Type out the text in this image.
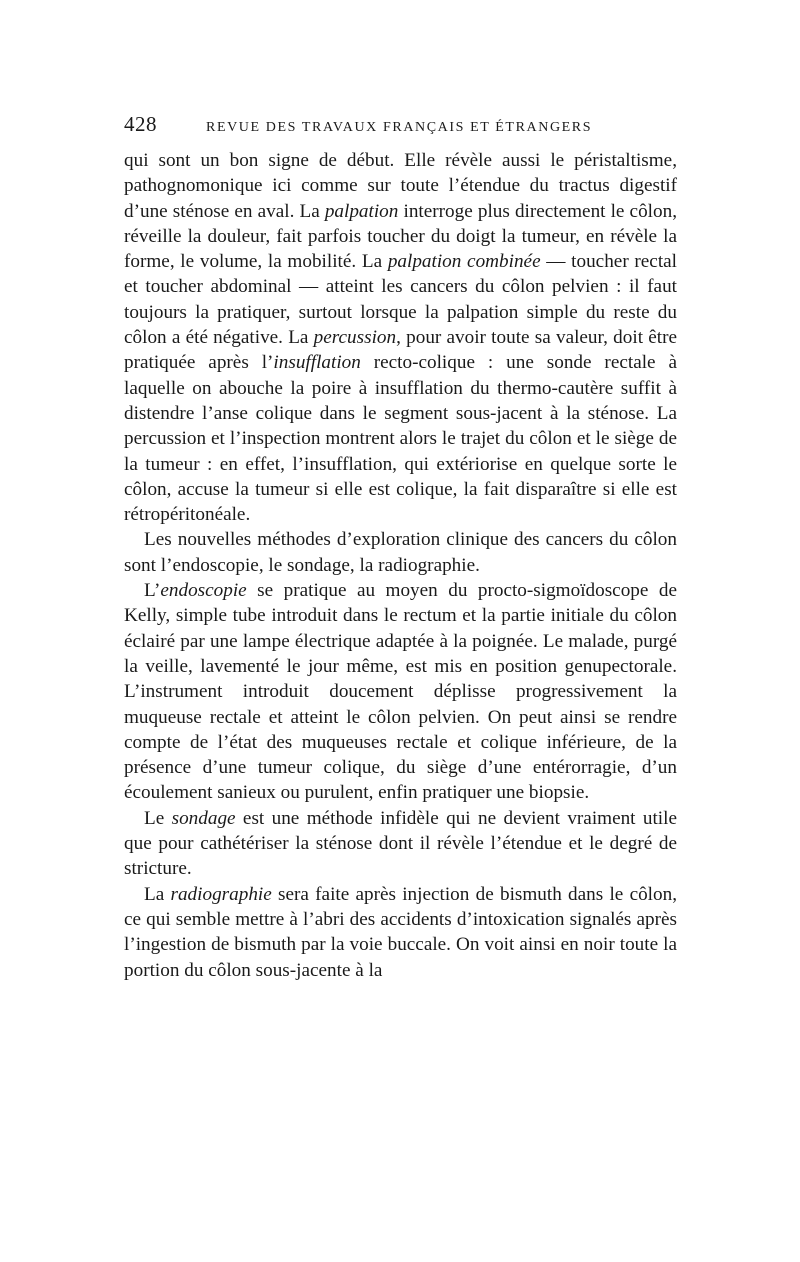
428	REVUE DES TRAVAUX FRANÇAIS ET ÉTRANGERS

qui sont un bon signe de début. Elle révèle aussi le péristaltisme, pathognomonique ici comme sur toute l’étendue du tractus digestif d’une sténose en aval. La palpation interroge plus directement le côlon, réveille la douleur, fait parfois toucher du doigt la tumeur, en révèle la forme, le volume, la mobilité. La palpation combinée — toucher rectal et toucher abdominal — atteint les cancers du côlon pelvien : il faut toujours la pratiquer, surtout lorsque la palpation simple du reste du côlon a été négative. La percussion, pour avoir toute sa valeur, doit être pratiquée après l’insufflation recto-colique : une sonde rectale à laquelle on abouche la poire à insufflation du thermo-cautère suffit à distendre l’anse colique dans le segment sous-jacent à la sténose. La percussion et l’inspection montrent alors le trajet du côlon et le siège de la tumeur : en effet, l’insufflation, qui extériorise en quelque sorte le côlon, accuse la tumeur si elle est colique, la fait disparaître si elle est rétropéritonéale.

Les nouvelles méthodes d’exploration clinique des cancers du côlon sont l’endoscopie, le sondage, la radiographie.

L’endoscopie se pratique au moyen du procto-sigmoïdoscope de Kelly, simple tube introduit dans le rectum et la partie initiale du côlon éclairé par une lampe électrique adaptée à la poignée. Le malade, purgé la veille, lavementé le jour même, est mis en position genupectorale. L’instrument introduit doucement déplisse progressivement la muqueuse rectale et atteint le côlon pelvien. On peut ainsi se rendre compte de l’état des muqueuses rectale et colique inférieure, de la présence d’une tumeur colique, du siège d’une entérorragie, d’un écoulement sanieux ou purulent, enfin pratiquer une biopsie.

Le sondage est une méthode infidèle qui ne devient vraiment utile que pour cathétériser la sténose dont il révèle l’étendue et le degré de stricture.

La radiographie sera faite après injection de bismuth dans le côlon, ce qui semble mettre à l’abri des accidents d’intoxication signalés après l’ingestion de bismuth par la voie buccale. On voit ainsi en noir toute la portion du côlon sous-jacente à la
